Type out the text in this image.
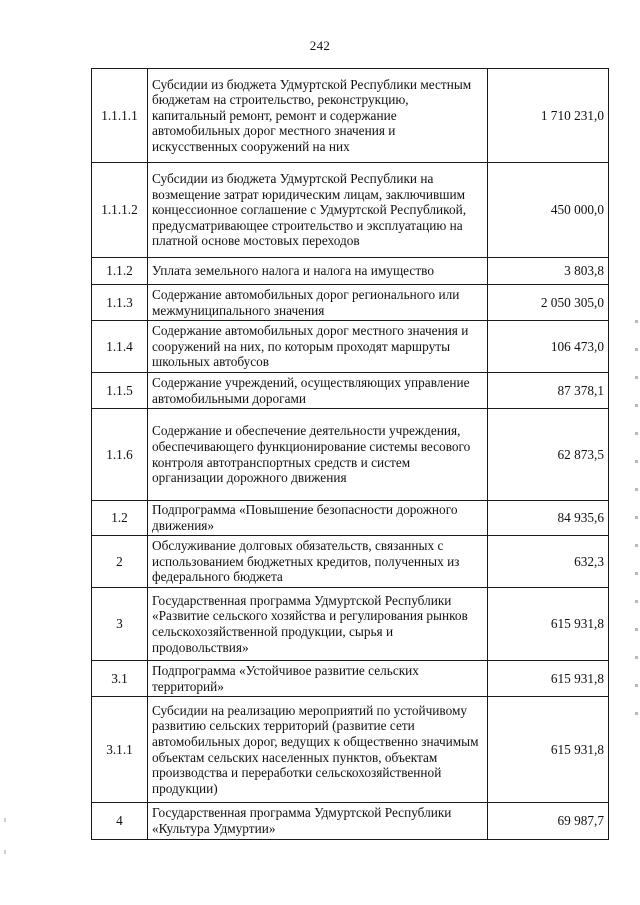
242
1.1.1.1	Субсидии из бюджета Удмуртской Республики местным бюджетам на строительство, реконструкцию, капитальный ремонт, ремонт и содержание автомобильных дорог местного значения и искусственных сооружений на них	1 710 231,0
1.1.1.2	Субсидии из бюджета Удмуртской Республики на возмещение затрат юридическим лицам, заключившим концессионное соглашение с Удмуртской Республикой, предусматривающее строительство и эксплуатацию на платной основе мостовых переходов	450 000,0
1.1.2	Уплата земельного налога и налога на имущество	3 803,8
1.1.3	Содержание автомобильных дорог регионального или межмуниципального значения	2 050 305,0
1.1.4	Содержание автомобильных дорог местного значения и сооружений на них, по которым проходят маршруты школьных автобусов	106 473,0
1.1.5	Содержание учреждений, осуществляющих управление автомобильными дорогами	87 378,1
1.1.6	Содержание и обеспечение деятельности учреждения, обеспечивающего функционирование системы весового контроля автотранспортных средств и систем организации дорожного движения	62 873,5
1.2	Подпрограмма «Повышение безопасности дорожного движения»	84 935,6
2	Обслуживание долговых обязательств, связанных с использованием бюджетных кредитов, полученных из федерального бюджета	632,3
3	Государственная программа Удмуртской Республики «Развитие сельского хозяйства и регулирования рынков сельскохозяйственной продукции, сырья и продовольствия»	615 931,8
3.1	Подпрограмма «Устойчивое развитие сельских территорий»	615 931,8
3.1.1	Субсидии на реализацию мероприятий по устойчивому развитию сельских территорий (развитие сети автомобильных дорог, ведущих к общественно значимым объектам сельских населенных пунктов, объектам производства и переработки сельскохозяйственной продукции)	615 931,8
4	Государственная программа Удмуртской Республики «Культура Удмуртии»	69 987,7
